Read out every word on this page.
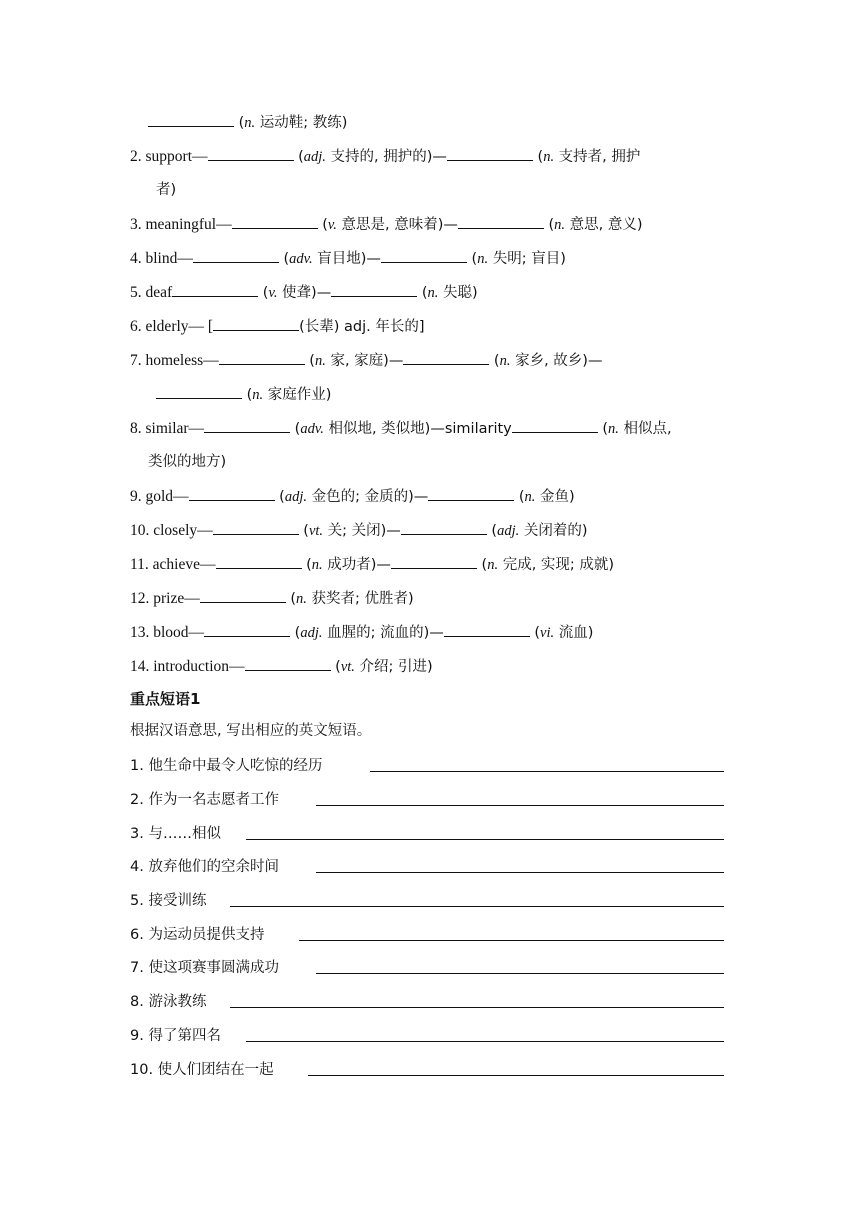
(n. 运动鞋; 教练)
2. support—	(adj. 支持的, 拥护的)—	(n. 支持者, 拥护
者)
3. meaningful—	(v. 意思是, 意味着)—	(n. 意思, 意义)
4. blind—	(adv. 盲目地)—	(n. 失明; 盲目)
5. deaf	(v. 使聋)—	(n. 失聪)
6. elderly— [	(长辈) adj. 年长的]
7. homeless—	(n. 家, 家庭)—	(n. 家乡, 故乡)—
(n. 家庭作业)
8. similar—	(adv. 相似地, 类似地)—similarity	(n. 相似点,
类似的地方)
9. gold—	(adj. 金色的; 金质的)—	(n. 金鱼)
10. closely—	(vt. 关; 关闭)—	(adj. 关闭着的)
11. achieve—	(n. 成功者)—	(n. 完成, 实现; 成就)
12. prize—	(n. 获奖者; 优胜者)
13. blood—	(adj. 血腥的; 流血的)—	(vi. 流血)
14. introduction—	(vt. 介绍; 引进)
重点短语1
根据汉语意思, 写出相应的英文短语。
1. 他生命中最令人吃惊的经历
2. 作为一名志愿者工作
3. 与……相似
4. 放弃他们的空余时间
5. 接受训练
6. 为运动员提供支持
7. 使这项赛事圆满成功
8. 游泳教练
9. 得了第四名
10. 使人们团结在一起
